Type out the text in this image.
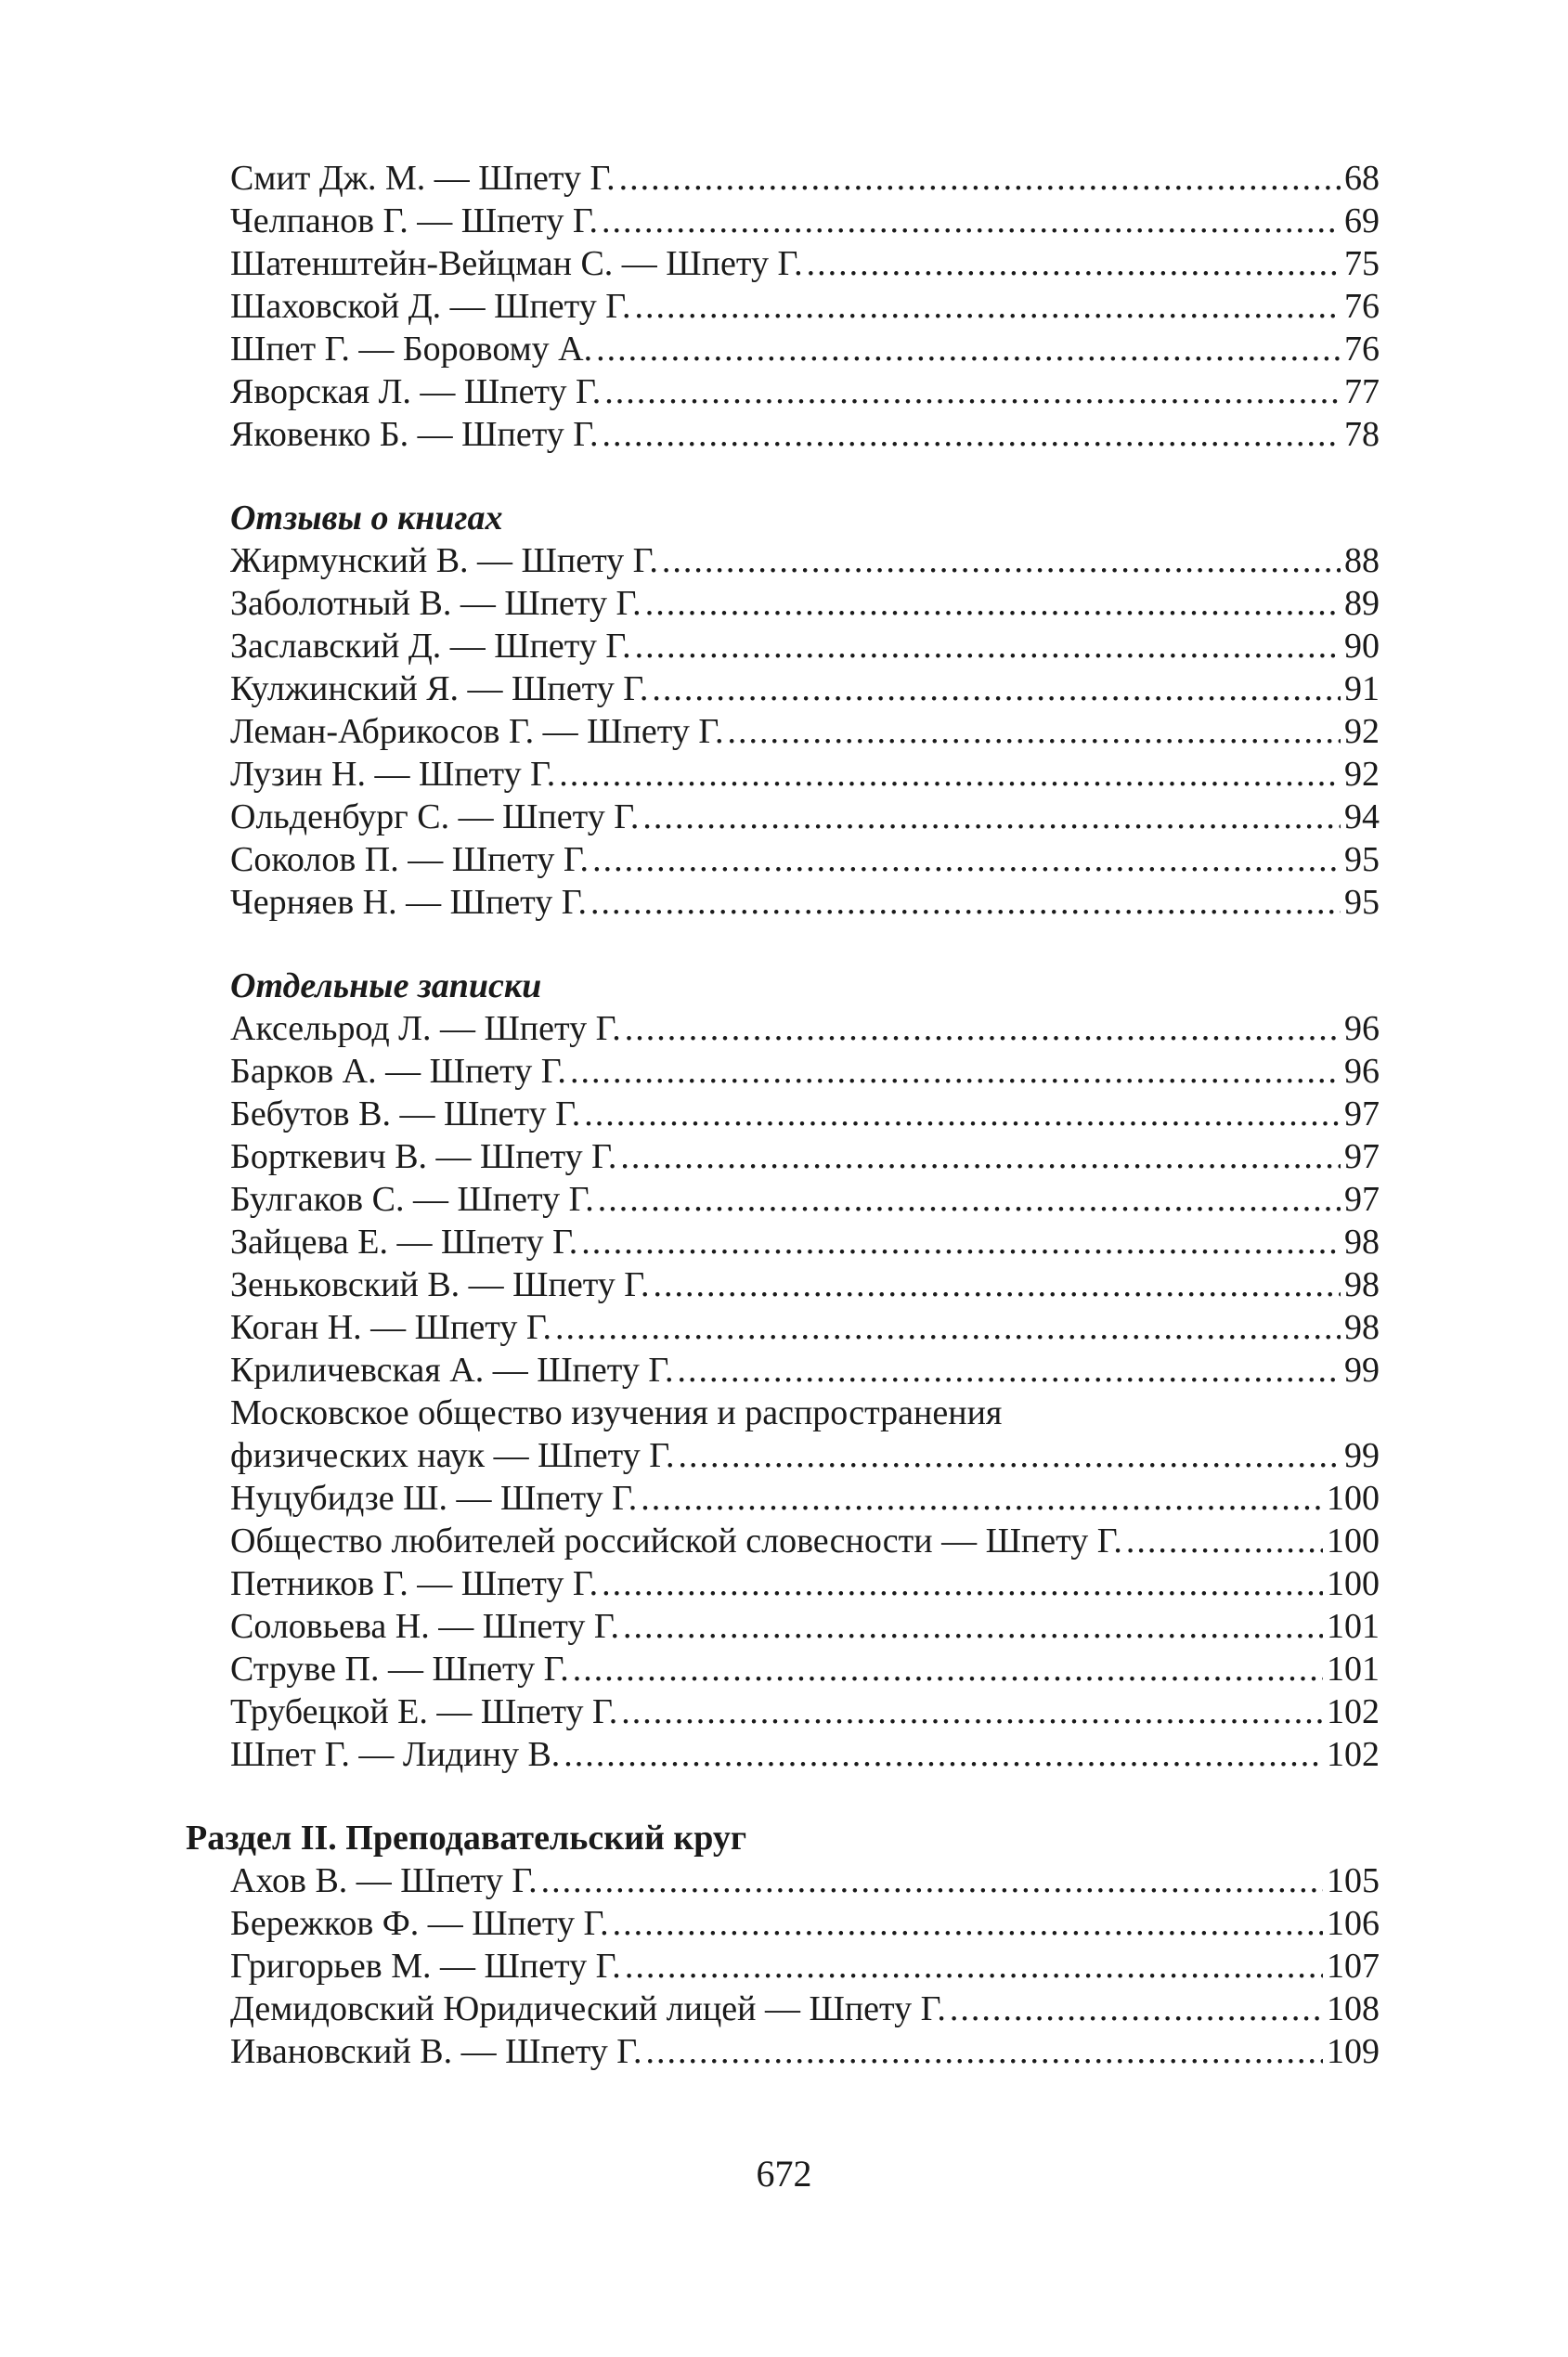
Смит Дж. М. — Шпету Г. .....	68
Челпанов Г. — Шпету Г. .....	69
Шатенштейн-Вейцман С. — Шпету Г. .....	75
Шаховской Д. — Шпету Г. .....	76
Шпет Г. — Боровому А. .....	76
Яворская Л. — Шпету Г. .....	77
Яковенко Б. — Шпету Г. .....	78
Отзывы о книгах
Жирмунский В. — Шпету Г. .....	88
Заболотный В. — Шпету Г. .....	89
Заславский Д. — Шпету Г. .....	90
Кулжинский Я. — Шпету Г. .....	91
Леман-Абрикосов Г. — Шпету Г. .....	92
Лузин Н. — Шпету Г. .....	92
Ольденбург С. — Шпету Г. .....	94
Соколов П. — Шпету Г. .....	95
Черняев Н. — Шпету Г. .....	95
Отдельные записки
Аксельрод Л. — Шпету Г. .....	96
Барков А. — Шпету Г. .....	96
Бебутов В. — Шпету Г. .....	97
Борткевич В. — Шпету Г. .....	97
Булгаков С. — Шпету Г. .....	97
Зайцева Е. — Шпету Г. .....	98
Зеньковский В. — Шпету Г. .....	98
Коган Н. — Шпету Г. .....	98
Криличевская А. — Шпету Г. .....	99
Московское общество изучения и распространения
физических наук — Шпету Г. .....	99
Нуцубидзе Ш. — Шпету Г. .....	100
Общество любителей российской словесности — Шпету Г. .....	100
Петников Г. — Шпету Г. .....	100
Соловьева Н. — Шпету Г. .....	101
Струве П. — Шпету Г. .....	101
Трубецкой Е. — Шпету Г. .....	102
Шпет Г. — Лидину В. .....	102
Раздел II. Преподавательский круг
Ахов В. — Шпету Г. .....	105
Бережков Ф. — Шпету Г. .....	106
Григорьев М. — Шпету Г. .....	107
Демидовский Юридический лицей — Шпету Г. .....	108
Ивановский В. — Шпету Г. .....	109
672
